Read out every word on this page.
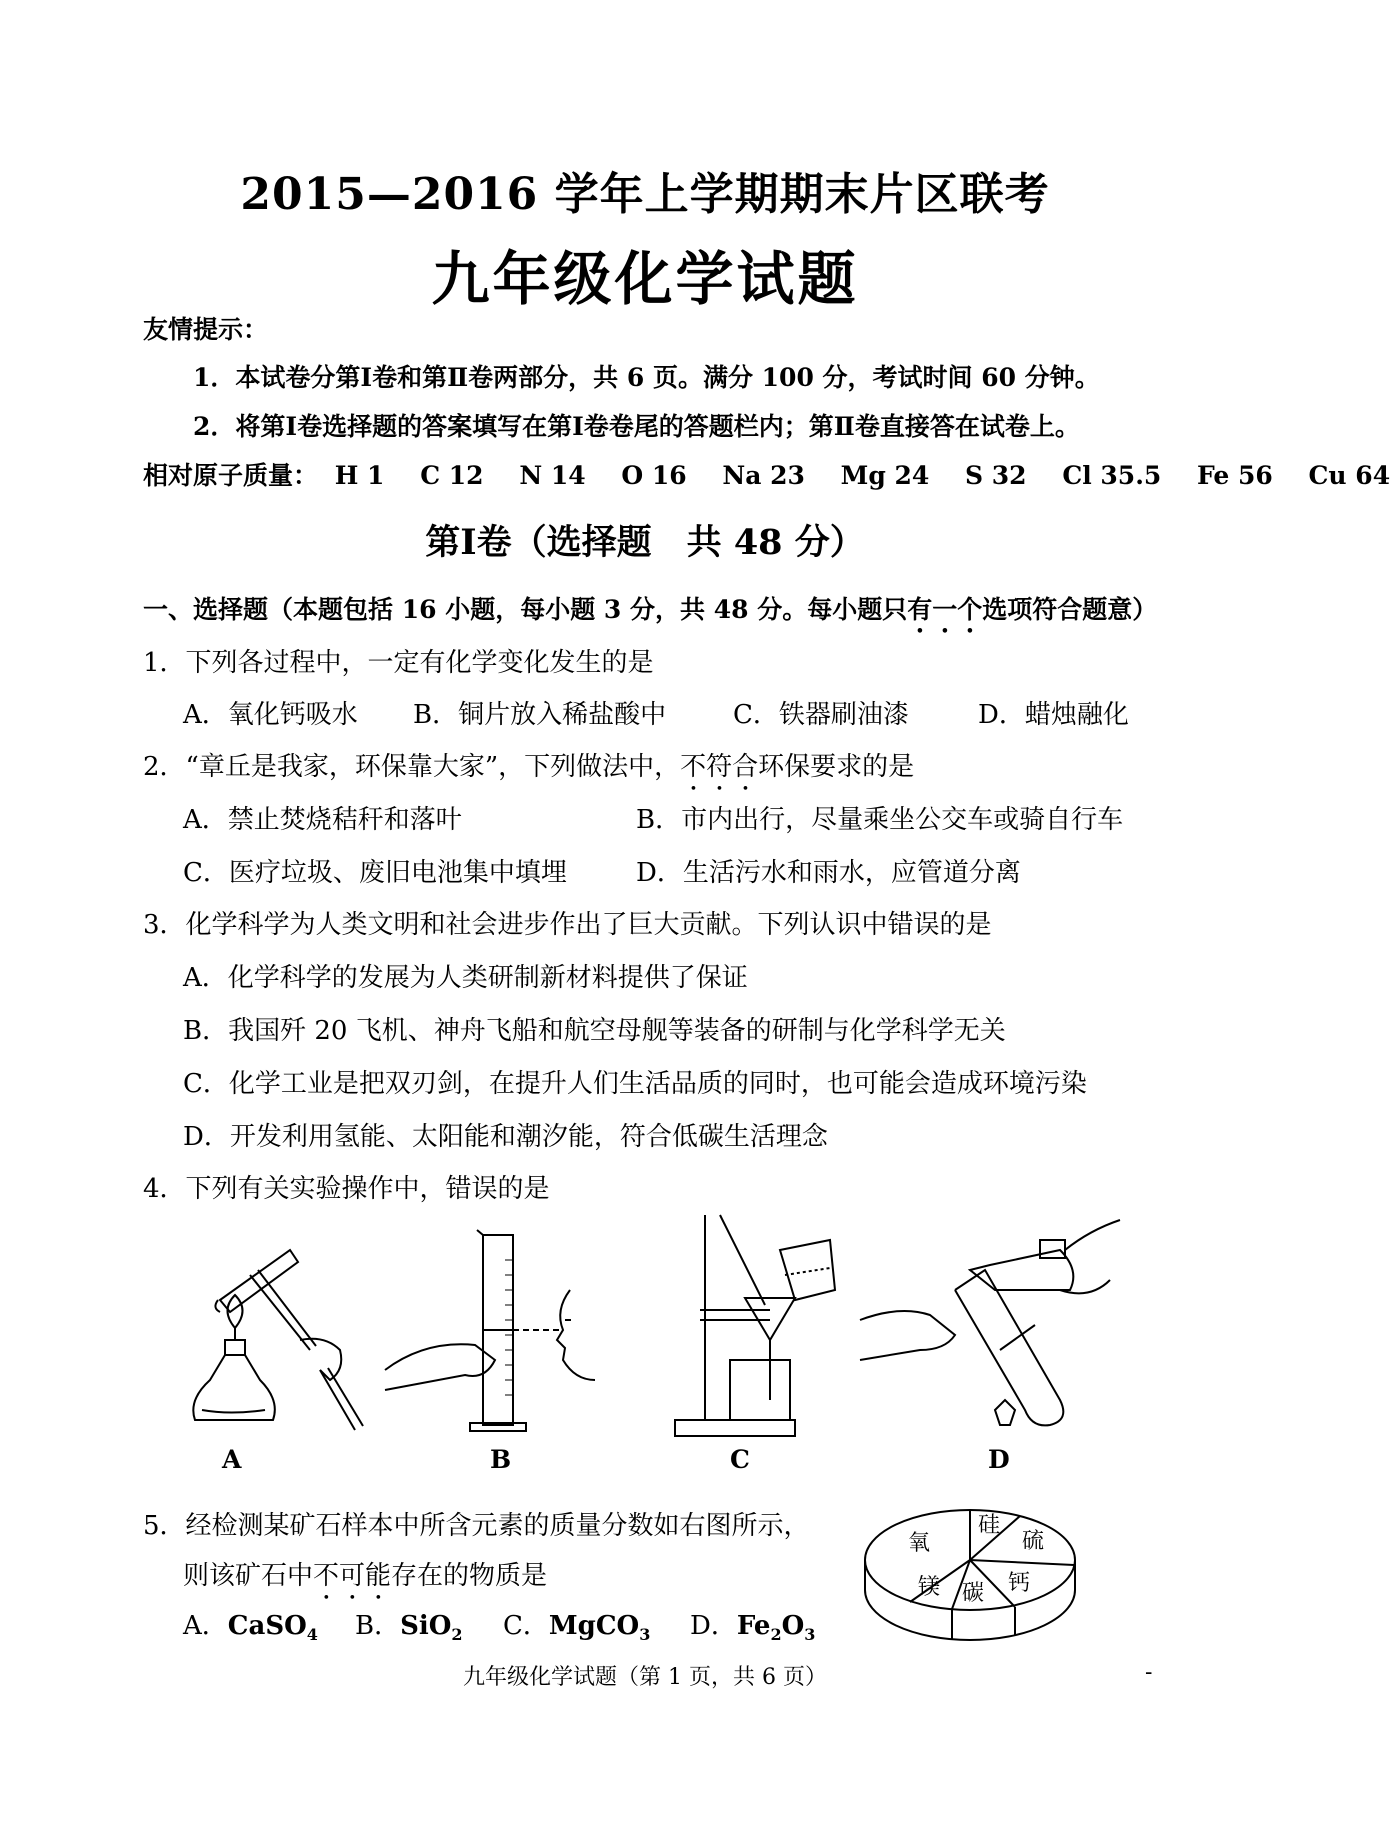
2015—2016 学年上学期期末片区联考
九年级化学试题
友情提示：
1．本试卷分第Ⅰ卷和第Ⅱ卷两部分，共 6 页。满分 100 分，考试时间 60 分钟。
2．将第Ⅰ卷选择题的答案填写在第Ⅰ卷卷尾的答题栏内；第Ⅱ卷直接答在试卷上。
相对原子质量： H 1 C 12 N 14 O 16 Na 23 Mg 24 S 32 Cl 35.5 Fe 56 Cu 64
第Ⅰ卷（选择题　共 48 分）
一、选择题（本题包括 16 小题，每小题 3 分，共 48 分。每小题只有一个选项符合题意）
1．下列各过程中，一定有化学变化发生的是
A．氧化钙吸水 B．铜片放入稀盐酸中	C．铁器刷油漆	D．蜡烛融化
2．“章丘是我家，环保靠大家”，下列做法中，不符合环保要求的是
A．禁止焚烧秸秆和落叶	B．市内出行，尽量乘坐公交车或骑自行车
C．医疗垃圾、废旧电池集中填埋	D．生活污水和雨水，应管道分离
3．化学科学为人类文明和社会进步作出了巨大贡献。下列认识中错误的是
A．化学科学的发展为人类研制新材料提供了保证
B．我国歼 20 飞机、神舟飞船和航空母舰等装备的研制与化学科学无关
C．化学工业是把双刃剑，在提升人们生活品质的同时，也可能会造成环境污染
D．开发利用氢能、太阳能和潮汐能，符合低碳生活理念
4．下列有关实验操作中，错误的是
A	B	C	D
5．经检测某矿石样本中所含元素的质量分数如右图所示，
则该矿石中不可能存在的物质是
A．CaSO$_4$ B．SiO$_2$ C．MgCO$_3$ D．$Fe_2O_3$
氧
硅
硫
钙
碳
镁
九年级化学试题（第 1 页，共 6 页）	-
